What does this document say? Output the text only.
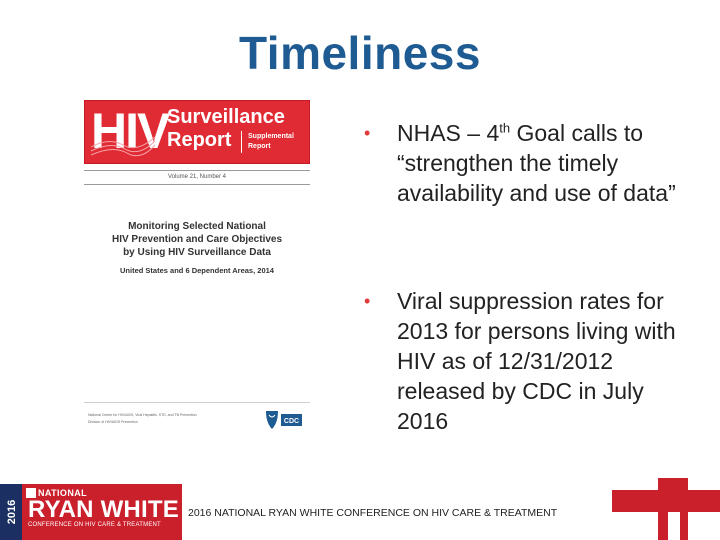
Timeliness
HIV
Surveillance
Report Supplemental
Report
Volume 21, Number 4
Monitoring Selected National
HIV Prevention and Care Objectives
by Using HIV Surveillance Data
United States and 6 Dependent Areas, 2014
National Center for HIV/AIDS, Viral Hepatitis, STD, and TB Prevention
Division of HIV/AIDS Prevention	CDC
• NHAS – 4th Goal calls to “strengthen the timely availability and use of data”
• Viral suppression rates for 2013 for persons living with HIV as of 12/31/2012 released by CDC in July 2016
2016
NATIONAL
RYAN WHITE
CONFERENCE ON HIV CARE & TREATMENT
2016 NATIONAL RYAN WHITE CONFERENCE ON HIV CARE & TREATMENT
